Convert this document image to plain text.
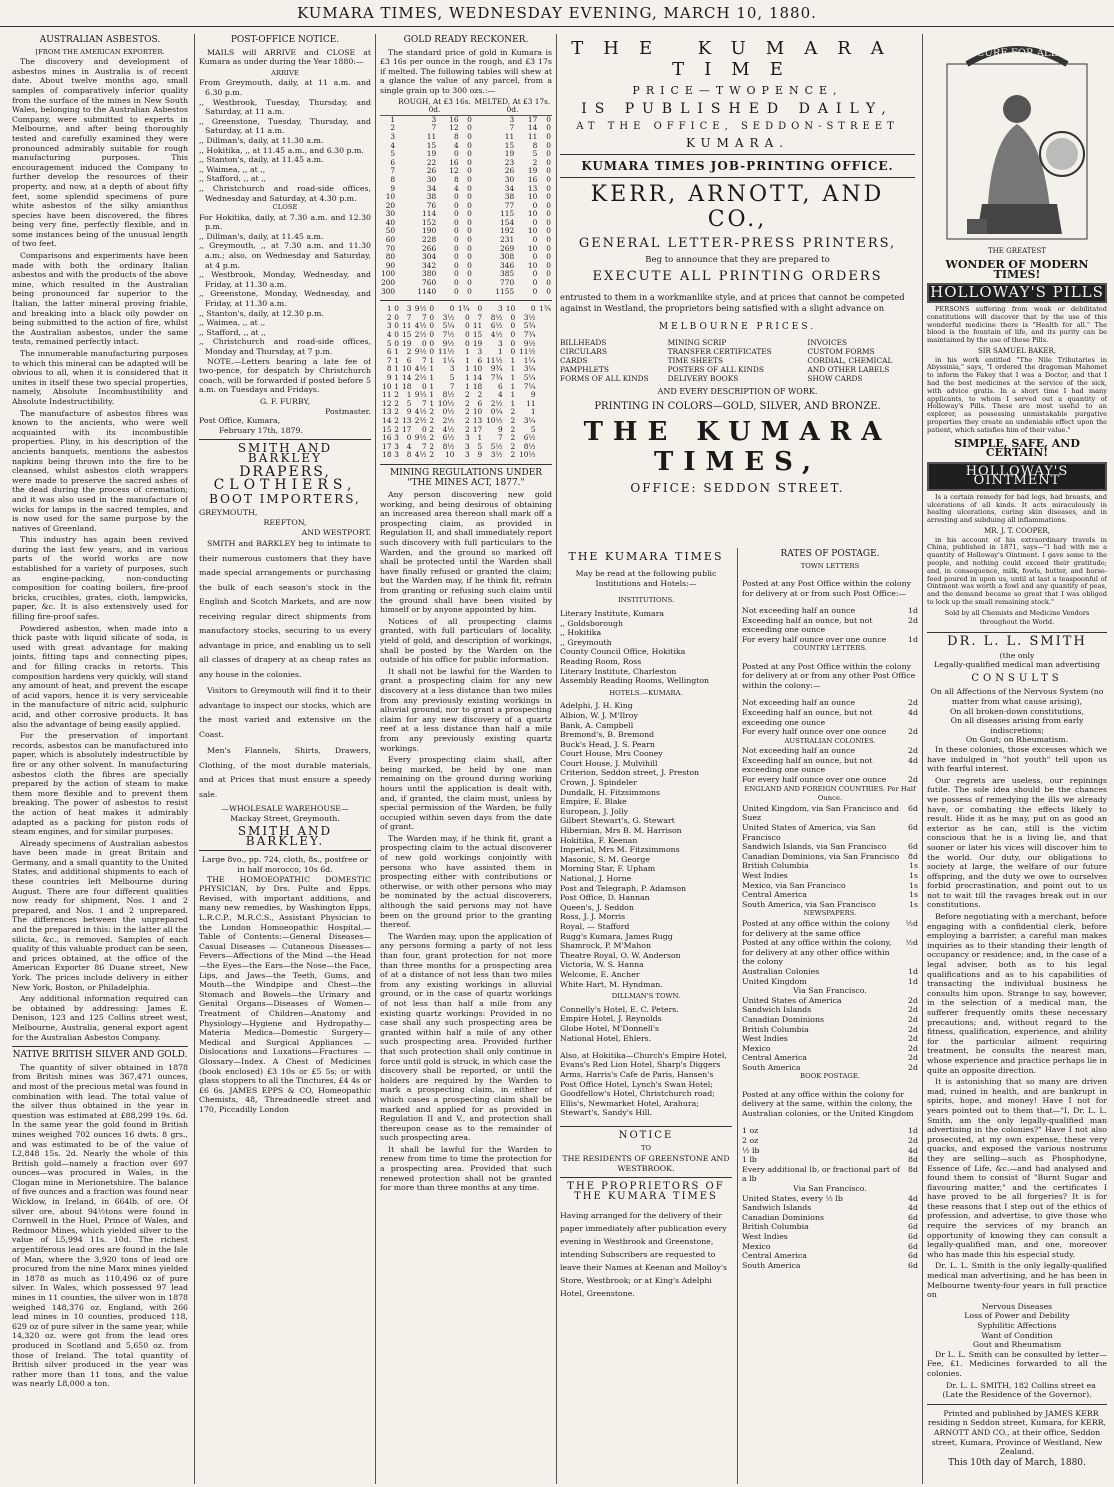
KUMARA TIMES, WEDNESDAY EVENING, MARCH 10, 1880.
AUSTRALIAN ASBESTOS.
[FROM THE AMERICAN EXPORTER.

The discovery and development of asbestos mines in Australia is of recent date. About twelve months ago, small samples of comparatively inferior quality from the surface of the mines in New South Wales, belonging to the Australian Asbestos Company, were submitted to experts in Melbourne, and after being thoroughly tested and carefully examined they were pronounced admirably suitable for rough manufacturing purposes. This encouragement induced the Company to further develop the resources of their property, and now, at a depth of about fifty feet, some splendid specimens of pure white asbestos of the silky amianthus species have been discovered, the fibres being very fine, perfectly flexible, and in some instances being of the unusual length of two feet.

Comparisons and experiments have been made with both the ordinary Italian asbestos and with the products of the above mine, which resulted in the Australian being pronounced far superior to the Italian, the latter mineral proving friable, and breaking into a black oily powder on being submitted to the action of fire, whilst the Australian asbestos, under the same tests, remained perfectly intact.

The innumerable manufacturing purposes to which this mineral can be adapted will be obvious to all, when it is considered that it unites in itself these two special properties, namely, Absolute Incombustibility and Absolute Indestructibility.

The manufacture of asbestos fibres was known to the ancients, who were well acquainted with its incombustible properties. Pliny, in his description of the ancients banquets, mentions the asbestos napkins being thrown into the fire to be cleansed, whilst asbestos cloth wrappers were made to preserve the sacred ashes of the dead during the process of cremation; and it was also used in the manufacture of wicks for lamps in the sacred temples, and is now used for the same purpose by the natives of Greenland.

This industry has again been revived during the last few years, and in various parts of the world works are now established for a variety of purposes, such as engine-packing, non-conducting composition for coating boilers, fire-proof bricks, crucibles, grates, cloth, lampwicks, paper, &c. It is also extensively used for filling fire-proof safes.

Powdered asbestos, when made into a thick paste with liquid silicate of soda, is used with great advantage for making joints, fitting taps and connecting pipes, and for filling cracks in retorts. This composition hardens very quickly, will stand any amount of heat, and prevent the escape of acid vapors, hence it is very serviceable in the manufacture of nitric acid, sulphuric acid, and other corrosive products. It has also the advantage of being easily applied.

For the preservation of important records, asbestos can be manufactured into paper, which is absolutely indestructible by fire or any other solvent. In manufacturing asbestos cloth the fibres are specially prepared by the action of steam to make them more flexible and to prevent them breaking. The power of asbestos to resist the action of heat makes it admirably adapted as a packing for piston rods of steam engines, and for similar purposes.

Already specimens of Australian asbestos have been made in great Britain and Germany, and a small quantity to the United States, and additional shipments to each of these countries left Melbourne during August. There are four different qualities now ready for shipment, Nos. 1 and 2 prepared, and Nos. 1 and 2 unprepared. The differences between the unprepared and the prepared in this: in the latter all the silicia, &c., is removed. Samples of each quality of this valuable product can be seen, and prices obtained, at the office of the American Exporter 86 Duane street, New York. The prices include delivery in either New York, Boston, or Philadelphia.

Any additional information required can be obtained by addressing: James E. Denison, 123 and 125 Collins street west, Melbourne, Australia, general export agent for the Australian Asbestos Company.

NATIVE BRITISH SILVER AND GOLD.

The quantity of silver obtained in 1878 from British mines was 367,471 ounces, and most of the precious metal was found in combination with lead. The total value of the silver thus obtained in the year in question was estimated at £88,299 19s. 6d. In the same year the gold found in British mines weighed 702 ounces 16 dwts. 8 grs., and was estimated to be of the value of L2,848 15s. 2d. Nearly the whole of this British gold—namely a fraction over 697 ounces—was procured in Wales, in the Clogan mine in Merionetshire. The balance of five ounces and a fraction was found near Wicklow, in Ireland, in 664lb. of ore. Of silver ore, about 94½tons were found in Cornwell in the Huel, Prince of Wales, and Redmoor Mines, which yielded silver to the value of L5,994 11s. 10d. The richest argentiferous lead ores are found in the Isle of Man, where the 3,920 tons of lead ore procured from the nine Manx mines yielded in 1878 as much as 110,496 oz of pure silver. In Wales, which possessed 97 lead mines in 11 counties, the silver won in 1878 weighed 148,376 oz. England, with 266 lead mines in 10 counties, produced 118, 629 oz of pure silver in the same year, while 14,320 oz. were got from the lead ores produced in Scotland and 5,650 oz. from those of Ireland. The total quantity of British silver produced in the year was rather more than 11 tons, and the value was nearly L8,000 a ton.

POST-OFFICE NOTICE.

MAILS will ARRIVE and CLOSE at Kumara as under during the Year 1880:—

ARRIVE
From Greymouth, daily, at 11 a.m. and 6.30 p.m.
,, Westbrook, Tuesday, Thursday, and Saturday, at 11 a.m.
,, Greenstone, Tuesday, Thursday, and Saturday, at 11 a.m.
,, Dillman's, daily, at 11.30 a.m.
,, Hokitika, ,, at 11.45 a.m., and 6.30 p.m.
,, Stanton's, daily, at 11.45 a.m.
,, Waimea, ,, at ,,
,, Stafford, ,, at ,,
,, Christchurch and road-side offices, Wednesday and Saturday, at 4.30 p.m.
CLOSE
For Hokitika, daily, at 7.30 a.m. and 12.30 p.m.
,, Dillman's, daily, at 11.45 a.m.
,, Greymouth, ,, at 7.30 a.m. and 11.30 a.m.; also, on Wednesday and Saturday, at 4 p.m.
,, Westbrook, Monday, Wednesday, and Friday, at 11.30 a.m.
,, Greenstone, Monday, Wednesday, and Friday, at 11.30 a.m.
,, Stanton's, daily, at 12.30 p.m.
,, Waimea, ,, at ,,
,, Stafford, ,, at ,,
,, Christchurch and road-side offices, Monday and Thursday, at 7 p.m.

NOTE.—Letters bearing a late fee of two-pence, for despatch by Christchurch coach, will be forwarded if posted before 5 a.m. on Tuesdays and Fridays.

G. F. FURBY,
Postmaster.
Post Office, Kumara,
February 17th, 1879.
SMITH AND BARKLEY
DRAPERS,
CLOTHIERS,
BOOT IMPORTERS,
GREYMOUTH,
REEFTON,
AND WESTPORT.

SMITH and BARKLEY beg to intimate to their numerous customers that they have made special arrangements or purchasing the bulk of each season's stock in the English and Scotch Markets, and are now receiving regular direct shipments from manufactory stocks, securing to us every advantage in price, and enabling us to sell all classes of drapery at as cheap rates as any house in the colonies.

Visitors to Greymouth will find it to their advantage to inspect our stocks, which are the most varied and extensive on the Coast.

Men's Flannels, Shirts, Drawers, Clothing, of the most durable materials, and at Prices that must ensure a speedy sale.

—WHOLESALE WAREHOUSE—
Mackay Street, Greymouth.
SMITH AND BARKLEY.
Large 8vo., pp. 724, cloth, 8s., postfree or in half morocco, 10s 6d.

THE HOMOEOPATHIC DOMESTIC PHYSICIAN, by Drs. Pulte and Epps. Revised, with important additions, and many new remedies, by Washington Epps, L.R.C.P., M.R.C.S., Assistant Physician to the London Homoeopathic Hospital.—Table of Contents:—General Diseases—Casual Diseases — Cutaneous Diseases—Fevers—Affections of the Mind —the Head—the Eyes—the Ears—the Nose—the Face, Lips, and Jaws—the Teeth, Gums, and Mouth—the Windpipe and Chest—the Stomach and Bowels—the Urinary and Genital Organs—Diseases of Women—Treatment of Children—Anatomy and Physiology—Hygiene and Hydropathy—Materia Medica—Domestic Surgery—Medical and Surgical Appliances —Dislocations and Luxations—Fractures —Glossary—Index. A Chest of Medicines (book enclosed) £3 10s or £5 5s; or with glass stoppers to all the Tinctures, £4 4s or £6 6s. JAMES EPPS & CO, Homeopathic Chemists, 48, Threadneedle street and 170, Piccadilly London

GOLD READY RECKONER.

The standard price of gold in Kumara is £3 16s per ounce in the rough, and £3 17s if melted. The following tables will shew at a glance the value of any parcel, from a single grain up to 300 ozs.:—

	ROUGH, At £3 16s. 0d.			MELTED, At £3 17s. 0d.		
1	3	16	0	3	17	0
2	7	12	0	7	14	0
3	11	8	0	11	11	0
4	15	4	0	15	8	0
5	19	0	0	19	5	0
6	22	16	0	23	2	0
7	26	12	0	26	19	0
8	30	8	0	30	16	0
9	34	4	0	34	13	0
10	38	0	0	38	10	0
20	76	0	0	77	0	0
30	114	0	0	115	10	0
40	152	0	0	154	0	0
50	190	0	0	192	10	0
60	228	0	0	231	0	0
70	266	0	0	269	10	0
80	304	0	0	308	0	0
90	342	0	0	346	10	0
100	380	0	0	385	0	0
200	760	0	0	770	0	0
300	1140	0	0	1155	0	0
1	0	3	9½	0	0	1¾	0	3	10	0	1¾
2	0	7	7	0	3½	0	7	8½	0	3½	
3	0	11	4½	0	5¼	0	11	6½	0	5¾	
4	0	15	2½	0	7½	0	15	4½	0	7¾	
5	0	19	0	0	9½	0	19	3	0	9½	
6	1	2	9½	0	11½	1	3	1	0	11½	
7	1	6	7	1	1¼	1	6	11½	1	1¼	
8	1	10	4½	1	3	1	10	9¾	1	3¼	
9	1	14	2½	1	5	1	14	7¾	1	5¼	
10	1	18	0	1	7	1	18	6	1	7¼	
11	2	1	9½	1	8½	2	2	4	1	9	
12	2	5	7	1	10½	2	6	2½	1	11	
13	2	9	4½	2	0½	2	10	0¼	2	1	
14	2	13	2½	2	2½	2	13	10½	2	3¼	
15	2	17	0	2	4½	2	17	9	2	5	
16	3	0	9½	2	6½	3	1	7	2	6½	
17	3	4	7	2	8½	3	5	5½	2	8½	
18	3	8	4½	2	10	3	9	3½	2	10½	
MINING REGULATIONS UNDER "THE MINES ACT, 1877."

Any person discovering new gold working, and being desirous of obtaining an increased area thereon shall mark off a prospecting claim, as provided in Regulation II, and shall immediately report such discovery with full particulars to the Warden, and the ground so marked off shall be protected until the Warden shall have finally refused or granted the claim; but the Warden may, if he think fit, refrain from granting or refusing such claim until the ground shall have been visited by himself or by anyone appointed by him.

Notices of all prospecting claims granted, with full particulars of locality, yield of gold, and description of workings, shall be posted by the Warden on the outside of his office for public information.

It shall not be lawful for the Warden to grant a prospecting claim for any new discovery at a less distance than two miles from any previously existing workings in alluvial ground, nor to grant a prospecting claim for any new discovery of a quartz reef at a less distance than half a mile from any previously existing quartz workings.

Every prospecting claim shall, after being marked, be held by one man remaining on the ground during working hours until the application is dealt with, and, if granted, the claim must, unless by special permission of the Warden, be fully occupied within seven days from the date of grant.

The Warden may, if he think fit, grant a prospecting claim to the actual discoverer of new gold workings conjointly with persons who have assisted them in prospecting either with contributions or otherwise, or with other persons who may be nominated by the actual discoverers, although the said persons may not have been on the ground prior to the granting thereof.

The Warden may, upon the application of any persons forming a party of not less than four, grant protection for not more than three months for a prospecting area of at a distance of not less than two miles from any existing workings in alluvial ground, or in the case of quartz workings of not less than half a mile from any existing quartz workings: Provided in no case shall any such prospecting area be granted within half a mile of any other such prospecting area. Provided further that such protection shall only continue in force until gold is struck, in which case the discovery shall be reported, or until the holders are required by the Warden to mark a prospecting claim, in either of which cases a prospecting claim shall be marked and applied for as provided in Regulation II and V., and protection shall thereupon cease as to the remainder of such prospecting area.

It shall be lawful for the Warden to renew from time to time the protection for a prospecting area. Provided that such renewed protection shall not be granted for more than three months at any time.

THE KUMARA TIME
PRICE—TWOPENCE,
IS PUBLISHED DAILY,
AT THE OFFICE, SEDDON-STREET
KUMARA.
KUMARA TIMES JOB-PRINTING OFFICE.
KERR, ARNOTT, AND CO.,
GENERAL LETTER-PRESS PRINTERS,
Beg to announce that they are prepared to
EXECUTE ALL PRINTING ORDERS

entrusted to them in a workmanlike style, and at prices that cannot be competed against in Westland, the proprietors being satisfied with a slight advance on

MELBOURNE PRICES.
BILLHEADS	MINING SCRIP	INVOICES
CIRCULARS	TRANSFER CERTIFICATES	CUSTOM FORMS
CARDS	TIME SHEETS	CORDIAL, CHEMICAL
PAMPHLETS	POSTERS OF ALL KINDS	AND OTHER LABELS
FORMS OF ALL KINDS	DELIVERY BOOKS	SHOW CARDS
AND EVERY DESCRIPTION OF WORK.
PRINTING IN COLORS—GOLD, SILVER, AND BRONZE.
THE KUMARA TIMES,
OFFICE: SEDDON STREET.
THE KUMARA TIMES

May be read at the following public Institutions and Hotels:—

INSTITUTIONS.
Literary Institute, Kumara
,, Goldsborough
,, Hokitika
,, Greymouth
County Council Office, Hokitika
Reading Room, Ross
Literary Institute, Charleston
Assembly Reading Rooms, Wellington
HOTELS.—KUMARA.
Adelphi, J. H. King
Albion, W. J. M'Ilroy
Bank, A. Campbell
Bremond's, B. Bremond
Buck's Head, J. S. Pearn
Court House, Mrs Cooney
Court House, J. Mulvihill
Criterion, Seddon street, J. Preston
Crown, J. Spindeler
Dundalk, H. Fitzsimmons
Empire, E. Blake
European, J. Jolly
Gilbert Stewart's, G. Stewart
Hibernian, Mrs B. M. Harrison
Hokitika, F. Keenan
Imperial, Mrs M. Fitzsimmons
Masonic, S. M. George
Morning Star, F. Upham
National, J. Horne
Post and Telegraph, P. Adamson
Post Office, D. Hannan
Queen's, J. Seddon
Ross, J. J. Morris
Royal, — Stafford
Rugg's Kumara, James Rugg
Shamrock, P. M'Mahon
Theatre Royal, O. W. Anderson
Victoria, W. S. Hanna
Welcome, E. Ancher
White Hart, M. Hyndman.
DILLMAN'S TOWN.
Connelly's Hotel, E. C. Peters.
Empire Hotel, J. Reynolds
Globe Hotel, M'Donnell's
National Hotel, Ehlers.

Also, at Hokitika—Church's Empire Hotel, Evans's Red Lion Hotel, Sharp's Diggers Arms, Harris's Cafe de Paris, Hansen's Post Office Hotel, Lynch's Swan Hotel; Goodfellow's Hotel, Christchurch road; Ellis's, Newmarket Hotel, Arahura; Stewart's, Sandy's Hill.

NOTICE
TO
THE RESIDENTS OF GREENSTONE AND WESTBROOK.
THE PROPRIETORS OF THE KUMARA TIMES

Having arranged for the delivery of their paper immediately after publication every evening in Westbrook and Greenstone, intending Subscribers are requested to leave their Names at Keenan and Molloy's Store, Westbrook; or at King's Adelphi Hotel, Greenstone.

RATES OF POSTAGE.
TOWN LETTERS

Posted at any Post Office within the colony for delivery at or from such Post Office:—

Not exceeding half an ounce	1d
Exceeding half an ounce, but not exceeding one ounce
2d
For every half ounce over one ounce	1d
COUNTRY LETTERS.

Posted at any Post Office within the colony for delivery at or from any other Post Office within the colony:—

Not exceeding half an ounce	2d
Exceeding half an ounce, but not exceeding one ounce
4d
For every half ounce over one ounce	2d
AUSTRALIAN COLONIES.
Not exceeding half an ounce	2d
Exceeding half an ounce, but not exceeding one ounce
4d
For every half ounce over one ounce	2d
ENGLAND AND FOREIGN COUNTRIES. Per Half Ounce.
United Kingdom, via San Francisco and Suez
6d
United States of America, via San Francisco
6d
Sandwich Islands, via San Francisco	6d
Canadian Dominions, via San Francisco 8d
British Columbia	1s
West Indies	1s
Mexico, via San Francisco	1s
Central America	1s
South America, via San Francisco	1s
NEWSPAPERS.
Posted at any office within the colony for delivery at the same office
½d
Posted at any office within the colony, for delivery at any other office within the colony
½d
Australian Colonies	1d
United Kingdom	1d
Via San Francisco.
United States of America	2d
Sandwich Islands	2d
Canadian Dominions	2d
British Columbia	2d
West Indies	2d
Mexico	2d
Central America	2d
South America	2d
BOOK POSTAGE.

Posted at any office within the colony for delivery at the same, within the colony, the Australian colonies, or the United Kingdom

1 oz	1d
2 oz	2d
½ lb	4d
1 lb	8d
Every additional lb, or fractional part of a lb
8d
Via San Francisco.
United States, every ½ lb	4d
Sandwich Islands	4d
Canadian Dominions	6d
British Columbia	6d
West Indies	6d
Mexico	6d
Central America	6d
South America	6d
CURE FOR ALL
THE GREATEST
WONDER OF MODERN TIMES!
HOLLOWAY'S PILLS

PERSONS suffering from weak or debilitated constitutions will discover that by the use of this wonderful medicine there is "Health for all." The blood is the fountain of life, and its purity can be maintained by the use of these Pills.

SIR SAMUEL BAKER,

in his work entitled "The Nile Tributaries in Abyssinia," says, "I ordered the dragoman Mahomet to inform the Fakey that I was a Doctor, and that I had the best medicines at the service of the sick, with advice gratis. In a short time I had many applicants, to whom I served out a quantity of Holloway's Pills. These are most useful to an explorer, as possessing unmistakable purgative properties they create an undeniable effect upon the patient, which satisfies him of their value."

SIMPLE, SAFE, AND CERTAIN!
HOLLOWAY'S OINTMENT

Is a certain remedy for bad legs, bad breasts, and ulcerations of all kinds. It acts miraculously in healing ulcerations, curing skin diseases, and in arresting and subduing all inflammations.

MR. J. T. COOPER,

in his account of his extraordinary travels in China, published in 1871, says—"I had with me a quantity of Holloway's Ointment. I gave some to the people, and nothing could exceed their gratitude; and, in consequence, milk, fowls, butter, and horse-feed poured in upon us, until at last a teaspoonful of Ointment was worth a fowl and any quantity of peas, and the demand became so great that I was obliged to lock up the small remaining stock."

Sold by all Chemists and Medicine Vendors throughout the World.
DR. L. L. SMITH
(the only
Legally-qualified medical man advertising
CONSULTS
On all Affections of the Nervous System (no matter from what cause arising),
On all broken-down constitutions,
On all diseases arising from early indiscretions;
On Gout; on Rheumatism.

In these colonies, those excesses which we have indulged in "hot youth" tell upon us with fearful interest.

Our regrets are useless, our repinings futile. The sole idea should be the chances we possess of remedying the ills we already have, or combating the effects likely to result. Hide it as he may, put on as good an exterior as he can, still is the victim conscious that he is a living lie, and that sooner or later his vices will discover him to the world. Our duty, our obligations to society at large, the welfare of our future offspring, and the duty we owe to ourselves forbid procrastination, and point out to us not to wait till the ravages break out in our constitutions.

Before negotiating with a merchant, before engaging with a confidential clerk, before employing a barrister, a careful man makes inquiries as to their standing their length of occupancy or residence; and, in the case of a legal adviser, both as to his legal qualifications and as to his capabilities of transacting the individual business he consults him upon. Strange to say, however, in the selection of a medical man, the sufferer frequently omits these necessary precautions; and, without regard to the fitness, qualification, experience, and ability for the particular ailment requiring treatment, he consults the nearest man, whose experience and practice perhaps lie in quite an opposite direction.

It is astonishing that so many are driven mad, ruined in health, and are bankrupt in spirits, hope, and money! Have I not for years pointed out to them that—"I, Dr. L. L. Smith, am the only legally-qualified man advertising in the colonies?" Have I not also prosecuted, at my own expense, these very quacks, and exposed the various nostrums they are selling—such as Phosphodyne, Essence of Life, &c.—and had analysed and found them to consist of "Burnt Sugar and flavouring matter," and the certificates I have proved to be all forgeries? It is for these reasons that I step out of the ethics of profession, and advertise, to give those who require the services of my branch an opportunity of knowing they can consult a legally-qualified man, and one, moreover who has made this his especial study.

Dr. L. L. Smith is the only legally-qualified medical man advertising, and he has been in Melbourne twenty-four years in full practice on

Nervous Diseases
Loss of Power and Debility
Syphilitic Affections
Want of Condition
Gout and Rheumatism

Dr L. L. Smith can be consulted by letter—Fee, £1. Medicines forwarded to all the colonies.

Dr. L. L. SMITH, 182 Collins street ea (Late the Residence of the Governor).

Printed and published by JAMES KERR residing n Seddon street, Kumara, for KERR, ARNOTT AND CO., at their office, Seddon street, Kumara, Province of Westland, New Zealand.

This 10th day of March, 1880.
